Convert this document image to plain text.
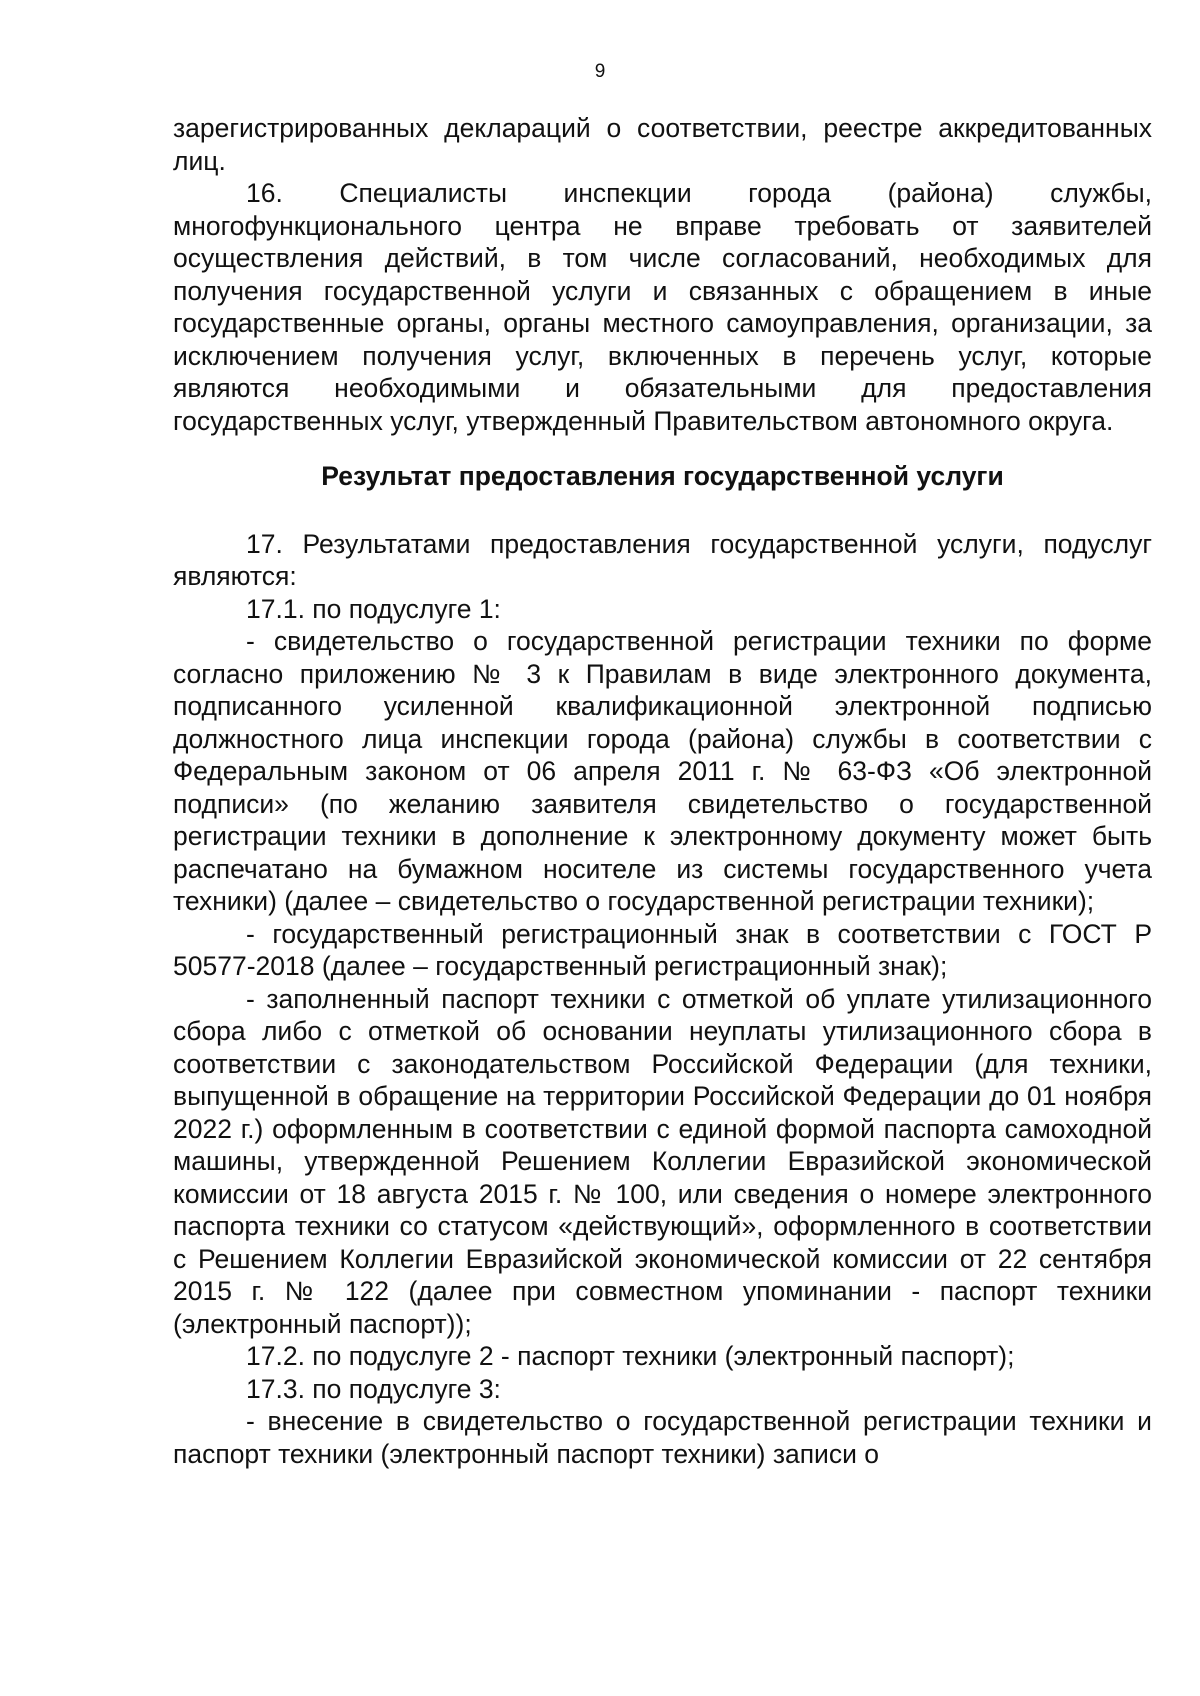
9
зарегистрированных деклараций о соответствии, реестре аккредитованных лиц.
16. Специалисты инспекции города (района) службы, многофункционального центра не вправе требовать от заявителей осуществления действий, в том числе согласований, необходимых для получения государственной услуги и связанных с обращением в иные государственные органы, органы местного самоуправления, организации, за исключением получения услуг, включенных в перечень услуг, которые являются необходимыми и обязательными для предоставления государственных услуг, утвержденный Правительством автономного округа.
Результат предоставления государственной услуги
17. Результатами предоставления государственной услуги, подуслуг являются:
17.1. по подуслуге 1:
- свидетельство о государственной регистрации техники по форме согласно приложению № 3 к Правилам в виде электронного документа, подписанного усиленной квалификационной электронной подписью должностного лица инспекции города (района) службы в соответствии с Федеральным законом от 06 апреля 2011 г. № 63-ФЗ «Об электронной подписи» (по желанию заявителя свидетельство о государственной регистрации техники в дополнение к электронному документу может быть распечатано на бумажном носителе из системы государственного учета техники) (далее – свидетельство о государственной регистрации техники);
- государственный регистрационный знак в соответствии с ГОСТ Р 50577-2018 (далее – государственный регистрационный знак);
- заполненный паспорт техники с отметкой об уплате утилизационного сбора либо с отметкой об основании неуплаты утилизационного сбора в соответствии с законодательством Российской Федерации (для техники, выпущенной в обращение на территории Российской Федерации до 01 ноября 2022 г.) оформленным в соответствии с единой формой паспорта самоходной машины, утвержденной Решением Коллегии Евразийской экономической комиссии от 18 августа 2015 г. № 100, или сведения о номере электронного паспорта техники со статусом «действующий», оформленного в соответствии с Решением Коллегии Евразийской экономической комиссии от 22 сентября 2015 г. № 122 (далее при совместном упоминании - паспорт техники (электронный паспорт));
17.2. по подуслуге 2 - паспорт техники (электронный паспорт);
17.3. по подуслуге 3:
- внесение в свидетельство о государственной регистрации техники и паспорт техники (электронный паспорт техники) записи о
